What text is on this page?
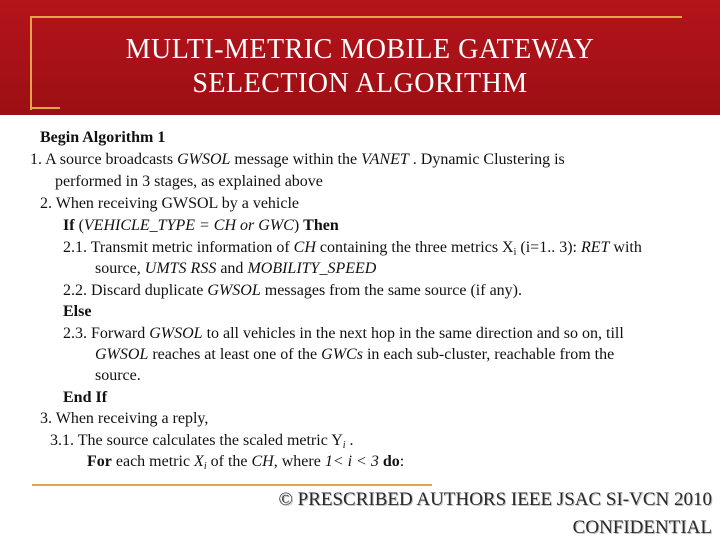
MULTI-METRIC MOBILE GATEWAY
SELECTION ALGORITHM
Begin Algorithm 1
1. A source broadcasts GWSOL message within the VANET . Dynamic Clustering is
performed in 3 stages, as explained above
2. When receiving GWSOL by a vehicle
If (VEHICLE_TYPE = CH or GWC) Then
2.1. Transmit metric information of CH containing the three metrics $X_i$ (i=1.. 3): RET with
source, UMTS RSS and MOBILITY_SPEED
2.2. Discard duplicate GWSOL messages from the same source (if any).
Else
2.3. Forward GWSOL to all vehicles in the next hop in the same direction and so on, till
GWSOL reaches at least one of the GWCs in each sub-cluster, reachable from the
source.
End If
3. When receiving a reply,
3.1. The source calculates the scaled metric $Y_i$ .
For each metric $X_i$ of the CH, where 1< i < 3 do:
© PRESCRIBED AUTHORS IEEE JSAC SI-VCN 2010
CONFIDENTIAL
